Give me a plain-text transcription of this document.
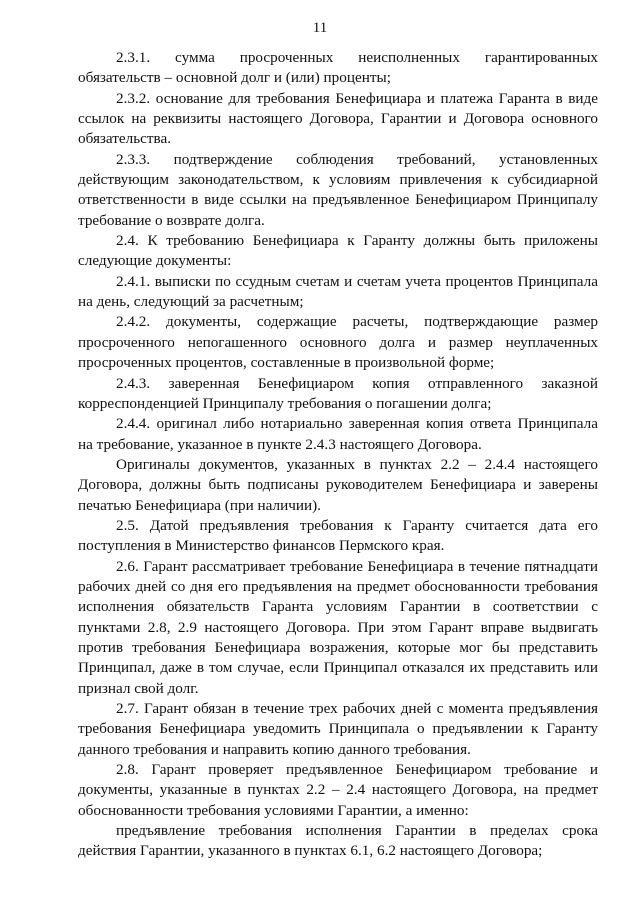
11

2.3.1. сумма просроченных неисполненных гарантированных обязательств – основной долг и (или) проценты;

2.3.2. основание для требования Бенефициара и платежа Гаранта в виде ссылок на реквизиты настоящего Договора, Гарантии и Договора основного обязательства.

2.3.3. подтверждение соблюдения требований, установленных действующим законодательством, к условиям привлечения к субсидиарной ответственности в виде ссылки на предъявленное Бенефициаром Принципалу требование о возврате долга.

2.4. К требованию Бенефициара к Гаранту должны быть приложены следующие документы:

2.4.1. выписки по ссудным счетам и счетам учета процентов Принципала на день, следующий за расчетным;

2.4.2. документы, содержащие расчеты, подтверждающие размер просроченного непогашенного основного долга и размер неуплаченных просроченных процентов, составленные в произвольной форме;

2.4.3. заверенная Бенефициаром копия отправленного заказной корреспонденцией Принципалу требования о погашении долга;

2.4.4. оригинал либо нотариально заверенная копия ответа Принципала на требование, указанное в пункте 2.4.3 настоящего Договора.

Оригиналы документов, указанных в пунктах 2.2 – 2.4.4 настоящего Договора, должны быть подписаны руководителем Бенефициара и заверены печатью Бенефициара (при наличии).

2.5. Датой предъявления требования к Гаранту считается дата его поступления в Министерство финансов Пермского края.

2.6. Гарант рассматривает требование Бенефициара в течение пятнадцати рабочих дней со дня его предъявления на предмет обоснованности требования исполнения обязательств Гаранта условиям Гарантии в соответствии с пунктами 2.8, 2.9 настоящего Договора. При этом Гарант вправе выдвигать против требования Бенефициара возражения, которые мог бы представить Принципал, даже в том случае, если Принципал отказался их представить или признал свой долг.

2.7. Гарант обязан в течение трех рабочих дней с момента предъявления требования Бенефициара уведомить Принципала о предъявлении к Гаранту данного требования и направить копию данного требования.

2.8. Гарант проверяет предъявленное Бенефициаром требование и документы, указанные в пунктах 2.2 – 2.4 настоящего Договора, на предмет обоснованности требования условиями Гарантии, а именно:

предъявление требования исполнения Гарантии в пределах срока действия Гарантии, указанного в пунктах 6.1, 6.2 настоящего Договора;
